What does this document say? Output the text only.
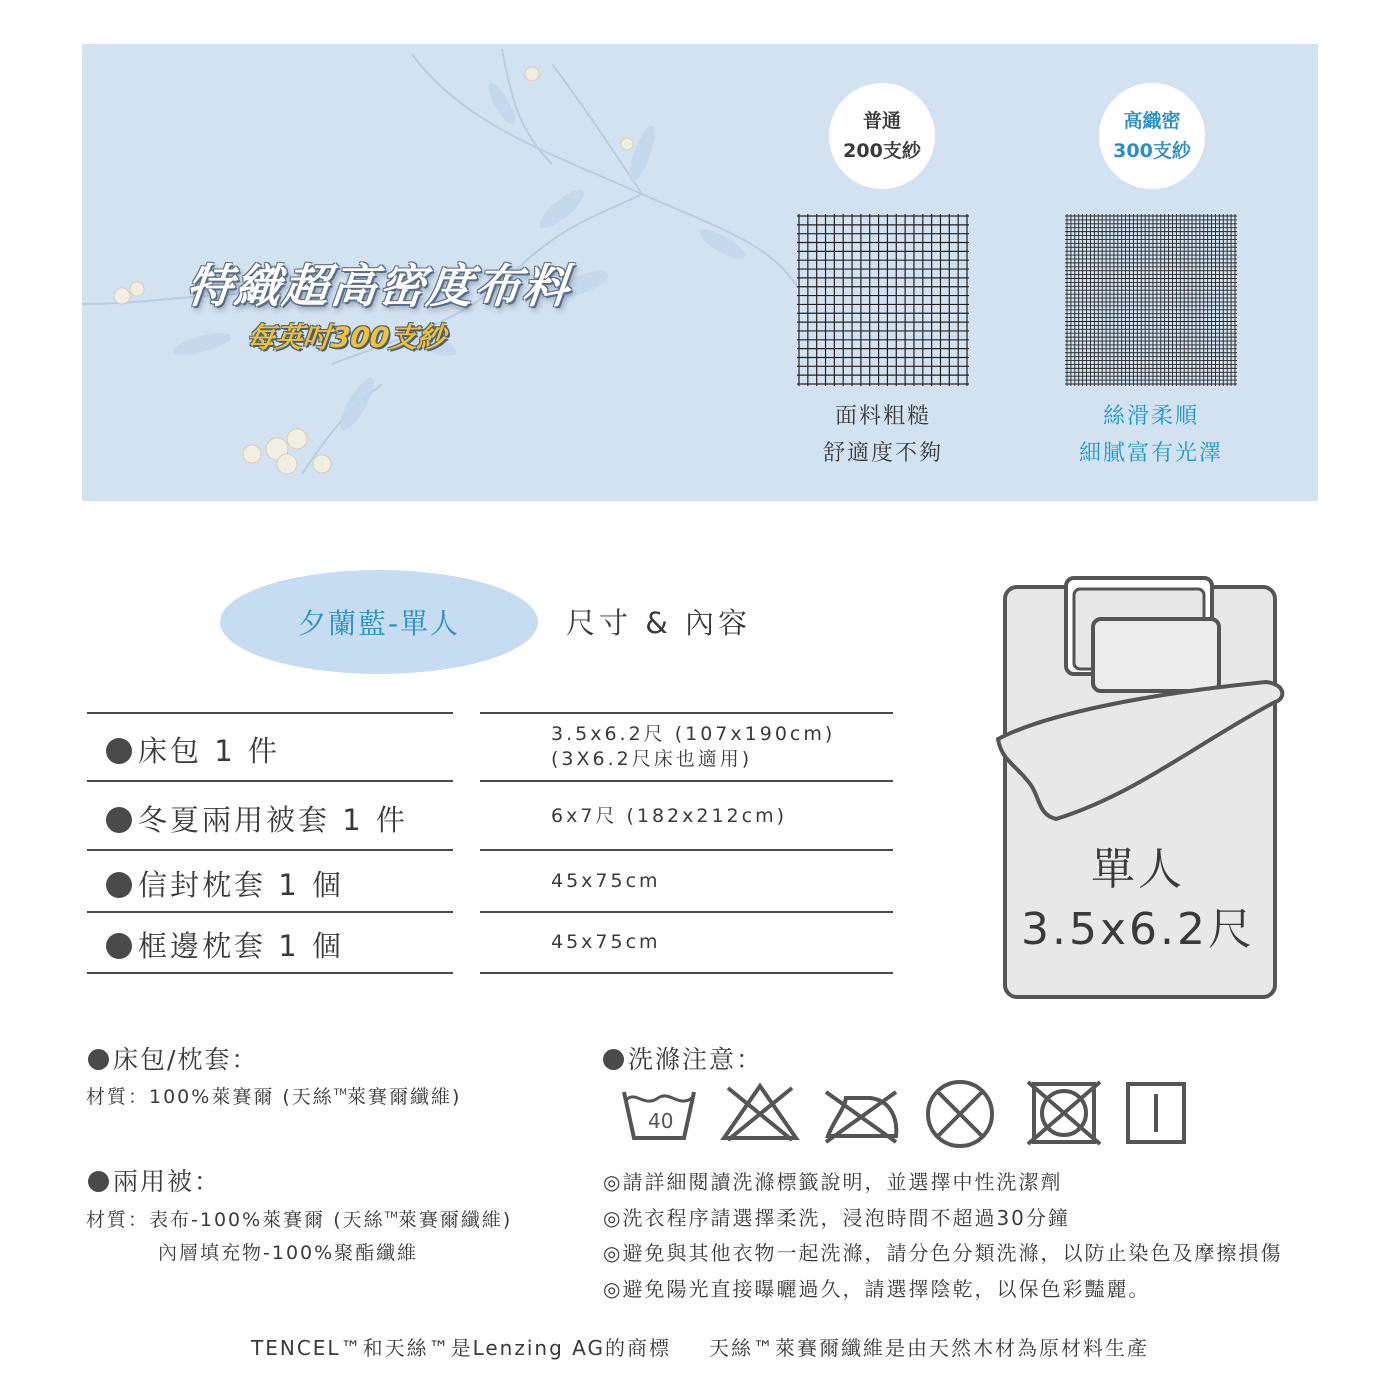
特織超高密度布料
每英吋300支紗
普通
200支紗
高織密
300支紗
面料粗糙
舒適度不夠
絲滑柔順
細膩富有光澤
夕蘭藍-單人	尺寸 & 內容
床包 1 件	3.5x6.2尺 (107x190cm)
(3X6.2尺床也適用)
冬夏兩用被套 1 件	6x7尺 (182x212cm)
信封枕套 1 個	45x75cm
框邊枕套 1 個	45x75cm
單人
3.5x6.2尺
床包/枕套：
材質：100%萊賽爾 (天絲™萊賽爾纖維)
兩用被：
材質：表布-100%萊賽爾 (天絲™萊賽爾纖維)
內層填充物-100%聚酯纖維
洗滌注意：
40
◎請詳細閱讀洗滌標籤說明，並選擇中性洗潔劑
◎洗衣程序請選擇柔洗，浸泡時間不超過30分鐘
◎避免與其他衣物一起洗滌，請分色分類洗滌，以防止染色及摩擦損傷
◎避免陽光直接曝曬過久，請選擇陰乾，以保色彩豔麗。
TENCEL™和天絲™是Lenzing AG的商標 天絲™萊賽爾纖維是由天然木材為原材料生產
